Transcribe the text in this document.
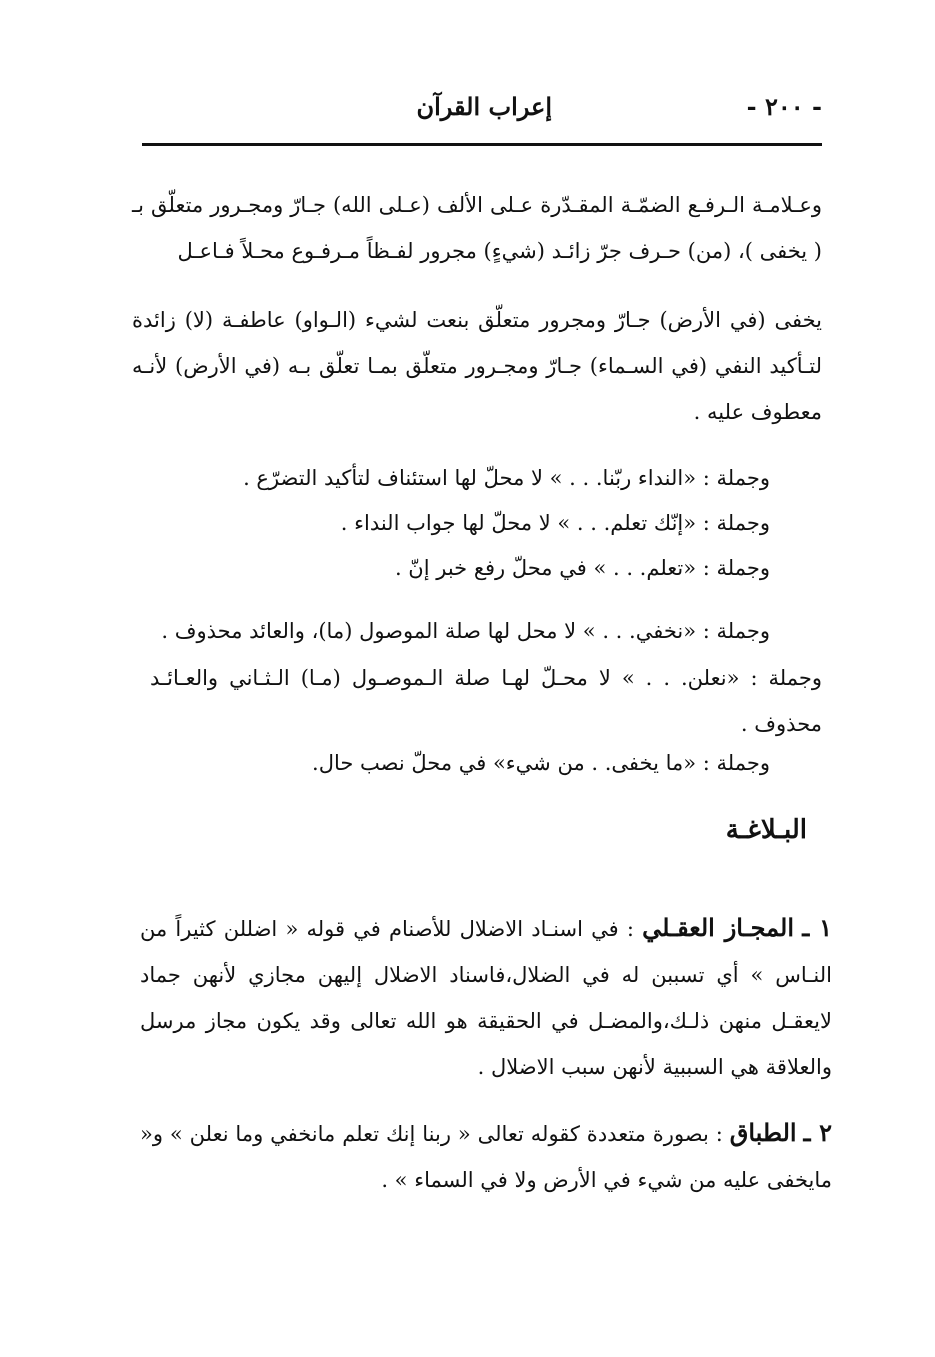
- ٢٠٠ -
إعراب القرآن

وعـلامـة الـرفـع الضمّـة المقـدّرة عـلى الألف (عـلى الله) جـارّ ومجـرور متعلّق بـ ( يخفى )، (من) حـرف جرّ زائـد (شيءٍ) مجرور لفـظاً مـرفـوع محـلاً فـاعـل

يخفى (في الأرض) جـارّ ومجرور متعلّق بنعت لشيء (الـواو) عاطفـة (لا) زائدة لتـأكيد النفي (في السـماء) جـارّ ومجـرور متعلّق بمـا تعلّق بـه (في الأرض) لأنـه معطوف عليه .

وجملة : «النداء ربّنا. . . » لا محلّ لها استئناف لتأكيد التضرّع .

وجملة : «إنّك تعلم. . . » لا محلّ لها جواب النداء .

وجملة : «تعلم. . . » في محلّ رفع خبر إنّ .

وجملة : «نخفي. . . » لا محل لها صلة الموصول (ما)، والعائد محذوف .

وجملة : «نعلن. . . » لا محـلّ لهـا صلة الـموصـول (مـا) الـثـاني والعـائـد محذوف .

وجملة : «ما يخفى. . من شيء» في محلّ نصب حال.

البـلاغـة

١ ـ المجـاز العقـلي : في اسنـاد الاضلال للأصنام في قوله « اضللن كثيراً من النـاس » أي تسببن له في الضلال،فاسناد الاضلال إليهن مجازي لأنهن جماد لايعقـل منهن ذلـك،والمضـل في الحقيقة هو الله تعالى وقد يكون مجاز مرسل والعلاقة هي السببية لأنهن سبب الاضلال .

٢ ـ الطباق : بصورة متعددة كقوله تعالى « ربنا إنك تعلم مانخفي وما نعلن » و« مايخفى عليه من شيء في الأرض ولا في السماء » .
